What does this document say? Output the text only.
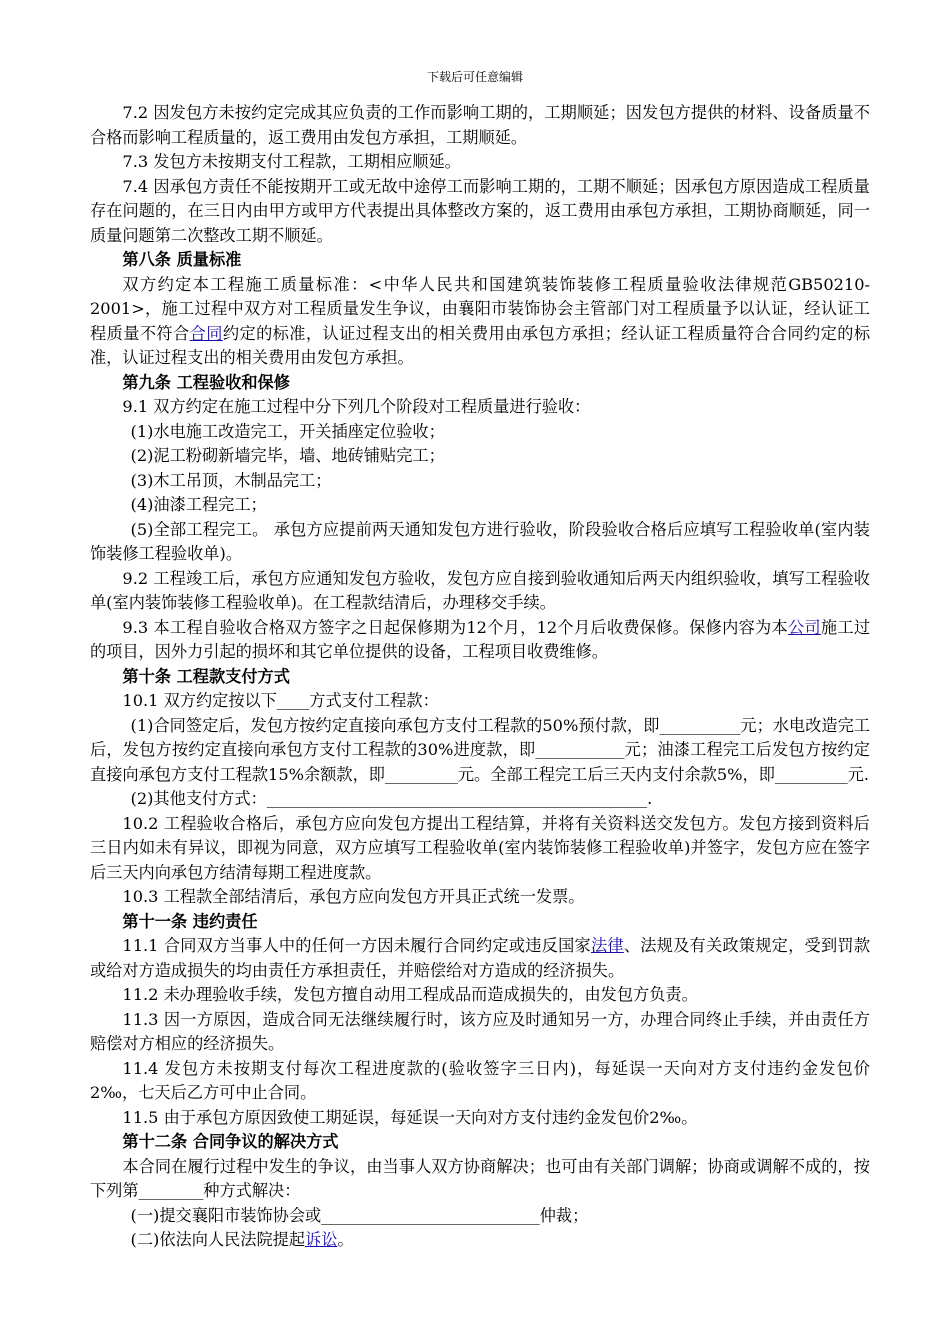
下载后可任意编辑

7.2 因发包方未按约定完成其应负责的工作而影响工期的，工期顺延；因发包方提供的材料、设备质量不合格而影响工程质量的，返工费用由发包方承担，工期顺延。

7.3 发包方未按期支付工程款，工期相应顺延。

7.4 因承包方责任不能按期开工或无故中途停工而影响工期的，工期不顺延；因承包方原因造成工程质量存在问题的，在三日内由甲方或甲方代表提出具体整改方案的，返工费用由承包方承担，工期协商顺延，同一质量问题第二次整改工期不顺延。

第八条 质量标准

双方约定本工程施工质量标准：<中华人民共和国建筑装饰装修工程质量验收法律规范GB50210-2001>，施工过程中双方对工程质量发生争议，由襄阳市装饰协会主管部门对工程质量予以认证，经认证工程质量不符合合同约定的标准，认证过程支出的相关费用由承包方承担；经认证工程质量符合合同约定的标准，认证过程支出的相关费用由发包方承担。

第九条 工程验收和保修

9.1 双方约定在施工过程中分下列几个阶段对工程质量进行验收：

(1)水电施工改造完工，开关插座定位验收；

(2)泥工粉砌新墙完毕，墙、地砖铺贴完工；

(3)木工吊顶，木制品完工；

(4)油漆工程完工；

(5)全部工程完工。 承包方应提前两天通知发包方进行验收，阶段验收合格后应填写工程验收单(室内装饰装修工程验收单)。

9.2 工程竣工后，承包方应通知发包方验收，发包方应自接到验收通知后两天内组织验收，填写工程验收单(室内装饰装修工程验收单)。在工程款结清后，办理移交手续。

9.3 本工程自验收合格双方签字之日起保修期为12个月，12个月后收费保修。保修内容为本公司施工过的项目，因外力引起的损坏和其它单位提供的设备，工程项目收费维修。

第十条 工程款支付方式

10.1 双方约定按以下____方式支付工程款：

(1)合同签定后，发包方按约定直接向承包方支付工程款的50%预付款，即__________元；水电改造完工后，发包方按约定直接向承包方支付工程款的30%进度款，即___________元；油漆工程完工后发包方按约定直接向承包方支付工程款15%余额款，即_________元。全部工程完工后三天内支付余款5%，即_________元.

(2)其他支付方式：_______________________________________________.

10.2 工程验收合格后，承包方应向发包方提出工程结算，并将有关资料送交发包方。发包方接到资料后三日内如未有异议，即视为同意，双方应填写工程验收单(室内装饰装修工程验收单)并签字，发包方应在签字后三天内向承包方结清每期工程进度款。

10.3 工程款全部结清后，承包方应向发包方开具正式统一发票。

第十一条 违约责任

11.1 合同双方当事人中的任何一方因未履行合同约定或违反国家法律、法规及有关政策规定，受到罚款或给对方造成损失的均由责任方承担责任，并赔偿给对方造成的经济损失。

11.2 未办理验收手续，发包方擅自动用工程成品而造成损失的，由发包方负责。

11.3 因一方原因，造成合同无法继续履行时，该方应及时通知另一方，办理合同终止手续，并由责任方赔偿对方相应的经济损失。

11.4 发包方未按期支付每次工程进度款的(验收签字三日内)，每延误一天向对方支付违约金发包价2‰，七天后乙方可中止合同。

11.5 由于承包方原因致使工期延误，每延误一天向对方支付违约金发包价2‰。

第十二条 合同争议的解决方式

本合同在履行过程中发生的争议，由当事人双方协商解决；也可由有关部门调解；协商或调解不成的，按下列第________种方式解决：

(一)提交襄阳市装饰协会或___________________________仲裁；

(二)依法向人民法院提起诉讼。
